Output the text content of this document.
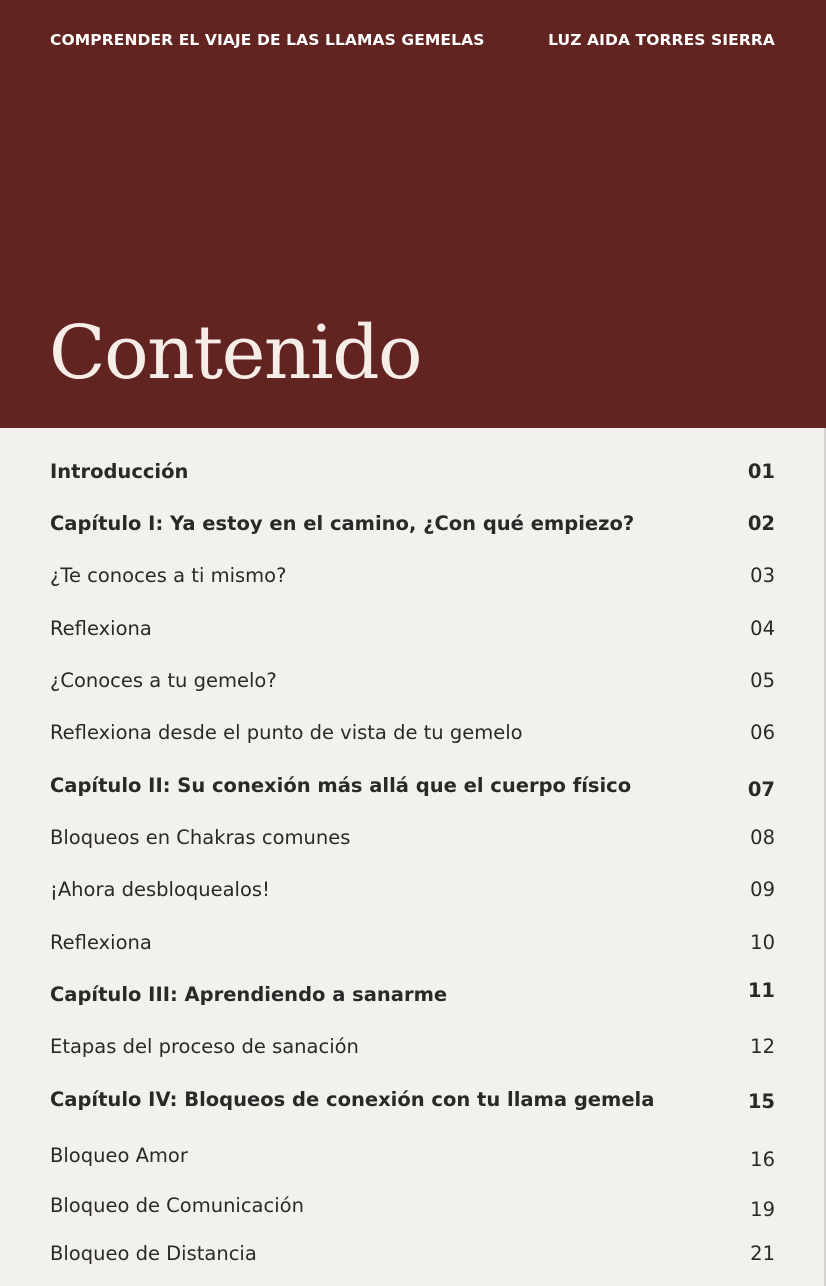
COMPRENDER EL VIAJE DE LAS LLAMAS GEMELAS	LUZ AIDA TORRES SIERRA
Contenido
Introducción	01
Capítulo I: Ya estoy en el camino, ¿Con qué empiezo?	02
¿Te conoces a ti mismo?	03
Reflexiona	04
¿Conoces a tu gemelo?	05
Reflexiona desde el punto de vista de tu gemelo	06
Capítulo II: Su conexión más allá que el cuerpo físico	07
Bloqueos en Chakras comunes	08
¡Ahora desbloquealos!	09
Reflexiona	10
Capítulo III: Aprendiendo a sanarme	11
Etapas del proceso de sanación	12
Capítulo IV: Bloqueos de conexión con tu llama gemela	15
Bloqueo Amor	16
Bloqueo de Comunicación	19
Bloqueo de Distancia	21
